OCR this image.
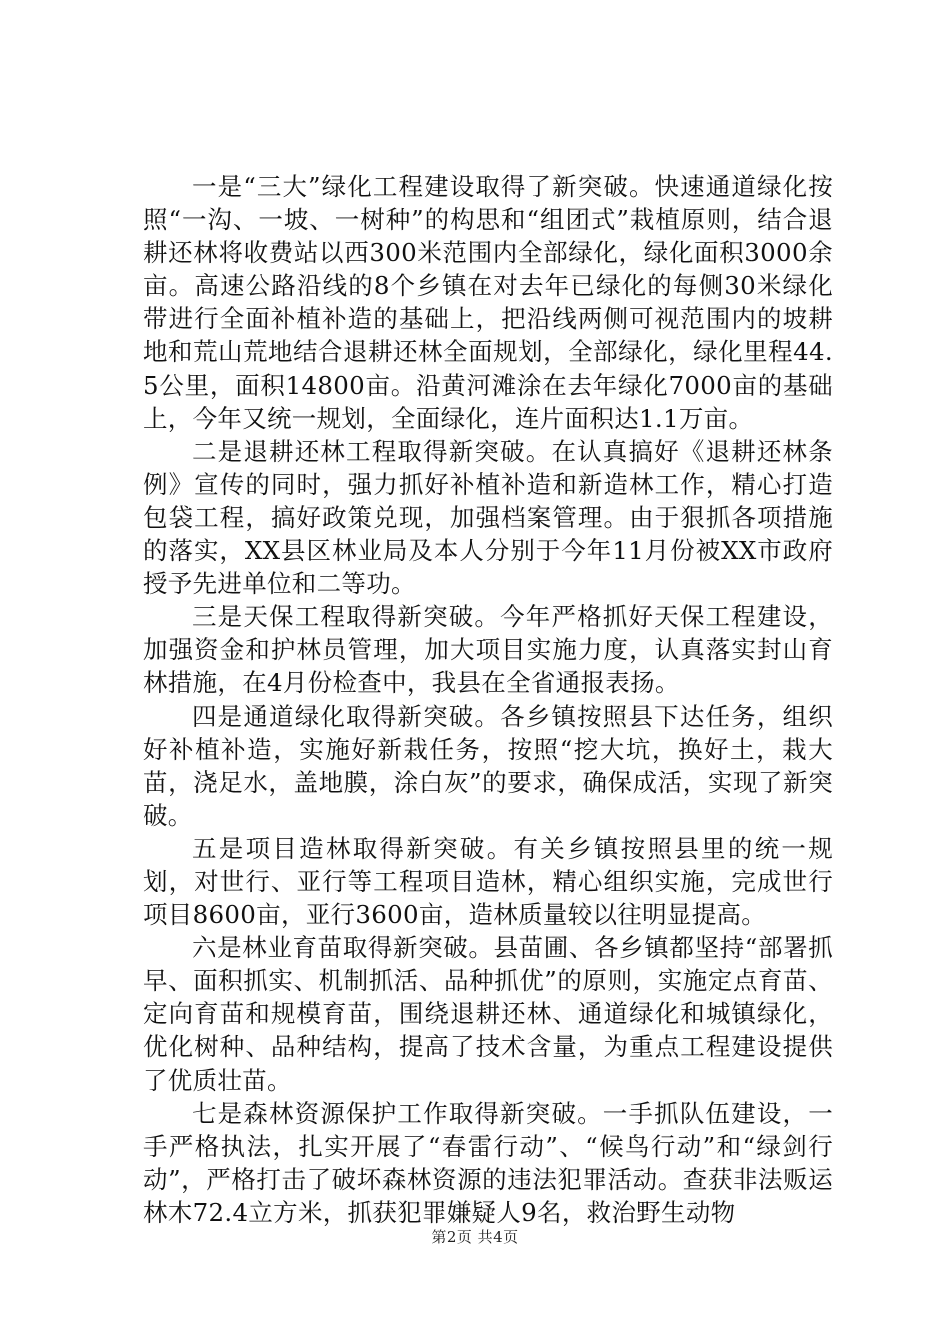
一是“三大”绿化工程建设取得了新突破。快速通道绿化按照“一沟、一坡、一树种”的构思和“组团式”栽植原则，结合退耕还林将收费站以西300米范围内全部绿化，绿化面积3000余亩。高速公路沿线的8个乡镇在对去年已绿化的每侧30米绿化带进行全面补植补造的基础上，把沿线两侧可视范围内的坡耕地和荒山荒地结合退耕还林全面规划，全部绿化，绿化里程44.5公里，面积14800亩。沿黄河滩涂在去年绿化7000亩的基础上，今年又统一规划，全面绿化，连片面积达1.1万亩。

二是退耕还林工程取得新突破。在认真搞好《退耕还林条例》宣传的同时，强力抓好补植补造和新造林工作，精心打造包袋工程，搞好政策兑现，加强档案管理。由于狠抓各项措施的落实，XX县区林业局及本人分别于今年11月份被XX市政府授予先进单位和二等功。

三是天保工程取得新突破。今年严格抓好天保工程建设，加强资金和护林员管理，加大项目实施力度，认真落实封山育林措施，在4月份检查中，我县在全省通报表扬。

四是通道绿化取得新突破。各乡镇按照县下达任务，组织好补植补造，实施好新栽任务，按照“挖大坑，换好土，栽大苗，浇足水，盖地膜，涂白灰”的要求，确保成活，实现了新突破。

五是项目造林取得新突破。有关乡镇按照县里的统一规划，对世行、亚行等工程项目造林，精心组织实施，完成世行项目8600亩，亚行3600亩，造林质量较以往明显提高。

六是林业育苗取得新突破。县苗圃、各乡镇都坚持“部署抓早、面积抓实、机制抓活、品种抓优”的原则，实施定点育苗、定向育苗和规模育苗，围绕退耕还林、通道绿化和城镇绿化，优化树种、品种结构，提高了技术含量，为重点工程建设提供了优质壮苗。

七是森林资源保护工作取得新突破。一手抓队伍建设，一手严格执法，扎实开展了“春雷行动”、“候鸟行动”和“绿剑行动”，严格打击了破坏森林资源的违法犯罪活动。查获非法贩运林木72.4立方米，抓获犯罪嫌疑人9名，救治野生动物

第2页 共4页
